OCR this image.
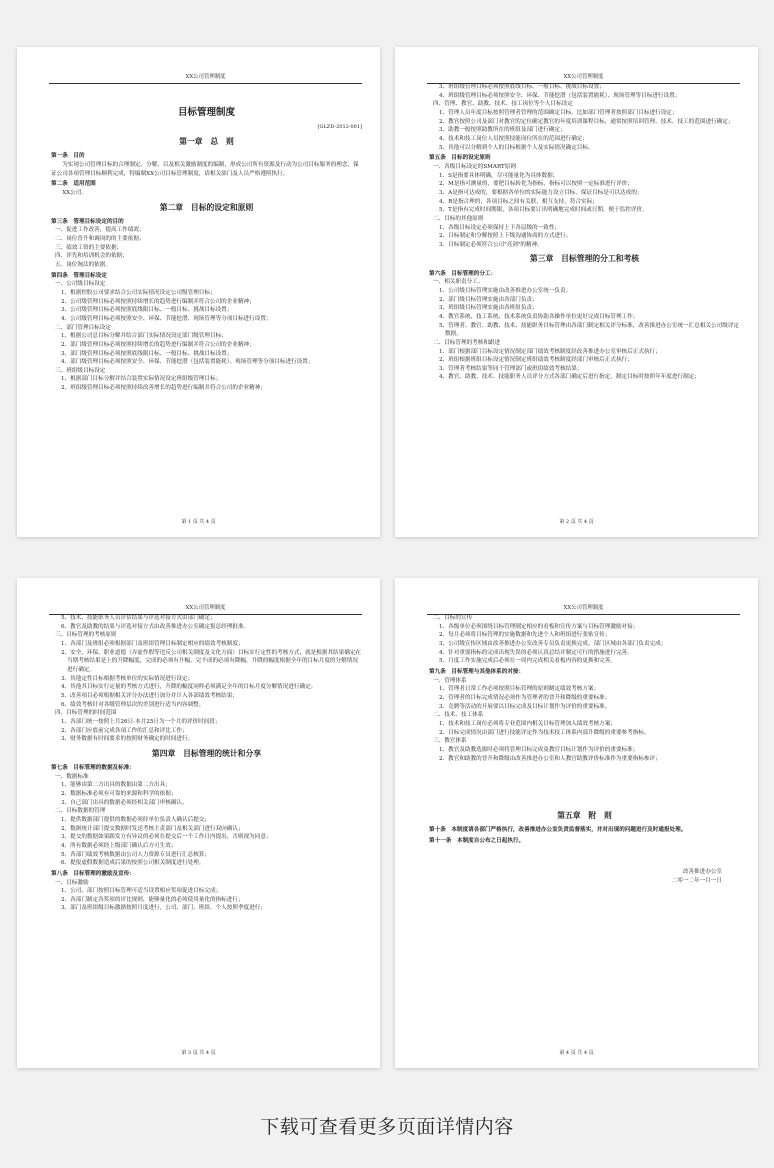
XX公司管理制度
目标管理制度
[GLZD-2012-001]
第一章　总　则
第一条　目的
为实现公司管理目标的合理制定、分解、以及相关激励制度的编制，形成公司所有资源及行动为公司目标服务的理念，保证公司各项管理目标顺利完成，特编制XX公司目标管理制度，请相关部门及人员严格遵照执行。
第二条　适用范围
XX公司。
第二章　目标的设定和原则
第三条　管理目标设定的目的
一、促进工作改善，提高工作绩效；
二、岗位晋升和调岗的的主要依据；
三、绩效工资的主要依据；
四、评先和培训机会的依据；
五、岗位淘汰的依据。
第四条　管理目标设定
一、公司级目标设定
1、根据控股公司要求结合公司实际情况设定公司级管理目标；
2、公司级管理目标必须按照持续增长的趋势进行编制并符合公司的企业精神；
3、公司级管理目标必须按照底线限目标、一般目标、挑战目标设置；
4、公司级管理目标必须按照安全、环保、节能挖潜、现场管理等分项目标进行设置；
二、部门管理目标设定
1、根据公司总目标分解并结合部门实际情况设定部门级管理目标；
2、部门级管理目标必须按照持续增长的趋势进行编制并符合公司的企业精神；
3、部门级管理目标必须按照底线限目标、一般目标、挑战目标设置；
4、部门级管理目标必须按照安全、环保、节能挖潜（包括装置能耗）、现场管理等分项目标进行设置；
三、班组级目标设定
1、根据部门目标分解并结合装置实际情况设定班组级管理目标；
2、班组级管理目标必须按照持续改善增长的趋势进行编制并符合公司的企业精神；
第 1 页 共 4 页
XX公司管理制度
3、班组级管理目标必须按照底线目标、一般目标、挑战目标设置；
4、班组级管理目标必须按照安全、环保、节能挖潜（包括装置能耗）、现场管理等目标进行设置；
四、管理、教官、助教、技术、技工岗位等个人目标设定
1、管理人员年度目标按照管理者管理的范围确定目标，比如部门管理者按照部门目标进行设定；
2、教官按照公司及部门对教官的定位确定教官的年度培训课程目标，通常按照培训管理、技术、技工的范围进行确定；
3、助教一般按照助教所在的班组及部门进行确定；
4、技术和技工岗位人员按照技能岗位所在的范围进行确定；
5、其他可以分解到个人的目标根据个人及实际情况确定目标。
第五条　目标的设定原则
一、各级目标设定的SMART原则
1、S是指要具体明确，尽可能量化为具体数据；
2、M是指可测量的，要把目标转化为指标，指标可以按照一定标准进行评价；
3、A是指可达成的，要根据各单位的实际能力设立目标，保证目标是可以达成的；
4、R是指合理的，各项目标之间有关联，相互支持，符合实际；
5、T是指有完成时间期限，各项目标要订出明确地完成时间或日期，便于监控评价。
二、目标的其他原则
1、各级目标设定必须保持上下各层级的一致性；
2、目标制定和分解按照上下级沟通协商的方式进行；
3、目标制定必须符合公司"亮剑"的精神。
第三章　目标管理的分工和考核
第六条　目标管理的分工：
一、相关职责分工。
1、公司级目标管理实施由改善推进办公室统一负责；
2、部门级目标管理实施由各部门负责；
3、班组级目标管理实施由各班组负责；
4、教官系统、技工系统、技术系统负责协助各操作单位更好完成目标管理工作；
5、管理者、教官、助教、技术、技能职务目标管理由各部门制定相关评分标准，改善推进办公室统一汇总相关公司级评定数据。
二、目标管理的考核和跟进
1、部门根据部门目标设定情况制定部门绩效考核制度经改善推进办公室审核后正式执行；
2、班组根据班组目标设定情况制定班组绩效考核制度经部门审核后正式执行；
3、管理者考核结果等同于管理部门或班组绩效考核结果；
4、教官、助教、技术、技能职务人员评分方式各部门确定后进行指定，制定目标时按照年年度进行制定；
第 2 页 共 4 页
XX公司管理制度
5、技术、技能职务人员评估结果与评选对接方式由部门确定；
6、教官及助教的结果与评选对接方式由改善推进办公室确定报总经理批准。
三、目标管理的考核原则
1、各部门及班组必须根据部门及班组管理目标制定相应的绩效考核制度；
2、安全、环保、职业道德（弄虚作假等违反公司相关制度及文化方面）目标实行定性的考核方式，就是根据其结果确定在当期考核结果是上的升降幅度，完成的必须有升幅，完不成的必须有降幅，升降的幅度根据全年的目标月度的分解情况进行确定。
3、其他定性目标根据考核单位的实际情况进行设定；
4、其他其目标实行定量的考核方式进行，升降的幅度同样必须满足全年的目标月度分解情况进行确定；
5、改善项目必须根据相关评分办法进行加分并计入各部绩效考核结果；
6、绩效考核针对各级管理层次的差别进行适当内容调整。
四、目标管理的时间范围
1、各部门统一按照上月26日-本月25日为一个月的评价时间段；
2、各部门应底前完成各项工作的汇总和评比工作；
3、财务数据有时间要求的按照财务确定的时间进行。
第四章　目标管理的统计和分享
第七条　目标管理的数据及标准：
一、数据标准
1、能够由第二方出具的数据由第二方出具；
2、数据标准必须有可靠的来源和科学的依据；
3、自己部门出具的数据必须经相关部门审核确认。
二、目标数据的管理
1、提供数据部门提供的数据必须经单位负责人确认后提交；
2、数据统计部门提交数据时发送考核主责部门及相关部门进行双向确认；
3、提交的数据如果跟发方有异议的必须在提交后一个工作日内提出，否则视为同意；
4、所有数据必须经上级部门确认后方可生效；
5、各部门绩效考核数据由公司人力资源专员进行汇总核算；
6、提报虚假数据造成后果的按照公司相关制度进行处理。
第八条　目标管理的激励及宣传：
一、目标激励
1、公司、部门按照目标管理可适当设置相应奖项促进目标完成；
2、各部门制定各奖项的评比规则，能够量化的必须使用量化的指标进行；
3、部门及班组级目标激励按照月度进行，公司、部门、班组、个人按照季度进行；
第 3 页 共 4 页
XX公司管理制度
二、目标的宣传
1、各级单位必须围绕目标管理制定相应的看板和宣传方案与目标管理激励对接；
2、每月必须将目标管理的实施数据和先进个人和班组进行张贴宣传；
3、公司级宣传区域由改善推进办公室改善专员负责更换完成，部门区域由各部门负责完成；
4、针对重要指标的完成出现失误的必须认真总结并制定可行的措施进行完善。
5、月度工作实施完成后必须在一周内完成相关看板内容的更换和完善。
第九条　目标管理与其他体系的对接：
一、管理体系
1、管理者日常工作必须按照目标管理的原则制定绩效考核方案；
2、管理者的目标完成情况必须作为管理者的晋升和降级的重要标准；
3、竞聘等活动的开展要以目标完成及目标计划作为评价的重要标准。
二、技术、技工体系
1、技术和技工岗位必须将专业范围内相关目标管理加入绩效考核方案；
2、目标完成情况由部门进行技能评定作为技术技工体系内部升降级的重要参考指标。
三、教官体系
1、教官及助教选拔时必须将管理目标完成及教官目标计划作为评价的重要标准；
2、教官和助教的晋升和降级由改善推进办公室和人教官助教评价标准作为重要指标参评；
第五章　附　则
第十条　本制度请各部门严格执行，改善推进办公室负责监督落实，并对出现的问题进行及时通报处理。
第十一条　本制度自公布之日起执行。
改善推进办公室
二零一二年一月一日
第 4 页 共 4 页
下载可查看更多页面详情内容
